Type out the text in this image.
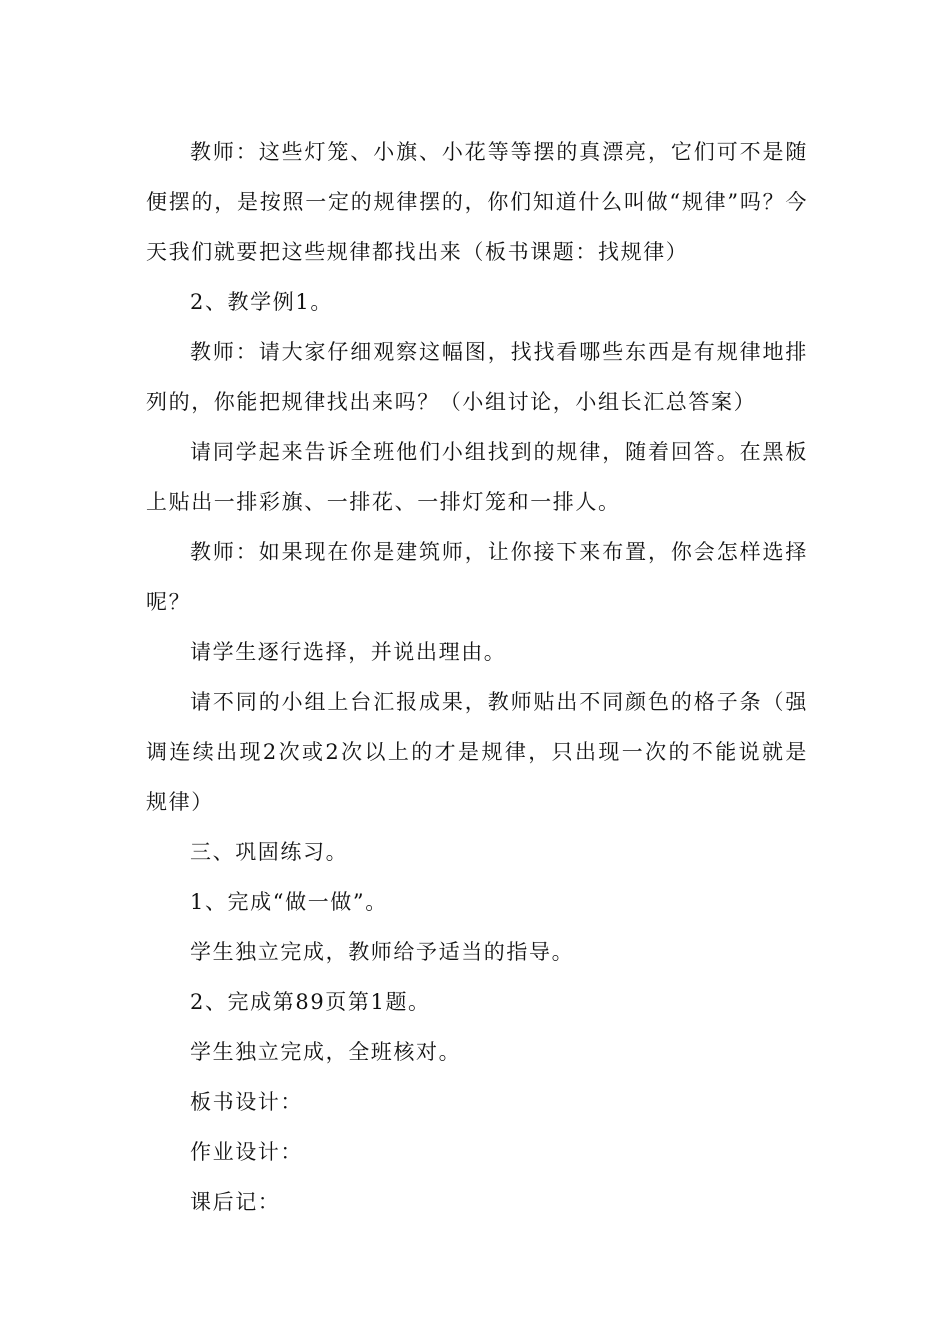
教师：这些灯笼、小旗、小花等等摆的真漂亮，它们可不是随便摆的，是按照一定的规律摆的，你们知道什么叫做“规律”吗？今天我们就要把这些规律都找出来（板书课题：找规律）

2、教学例1。

教师：请大家仔细观察这幅图，找找看哪些东西是有规律地排列的，你能把规律找出来吗？（小组讨论，小组长汇总答案）

请同学起来告诉全班他们小组找到的规律，随着回答。在黑板上贴出一排彩旗、一排花、一排灯笼和一排人。

教师：如果现在你是建筑师，让你接下来布置，你会怎样选择呢？

请学生逐行选择，并说出理由。

请不同的小组上台汇报成果，教师贴出不同颜色的格子条（强调连续出现2次或2次以上的才是规律，只出现一次的不能说就是规律）

三、巩固练习。

1、完成“做一做”。

学生独立完成，教师给予适当的指导。

2、完成第89页第1题。

学生独立完成，全班核对。

板书设计：

作业设计：

课后记：
